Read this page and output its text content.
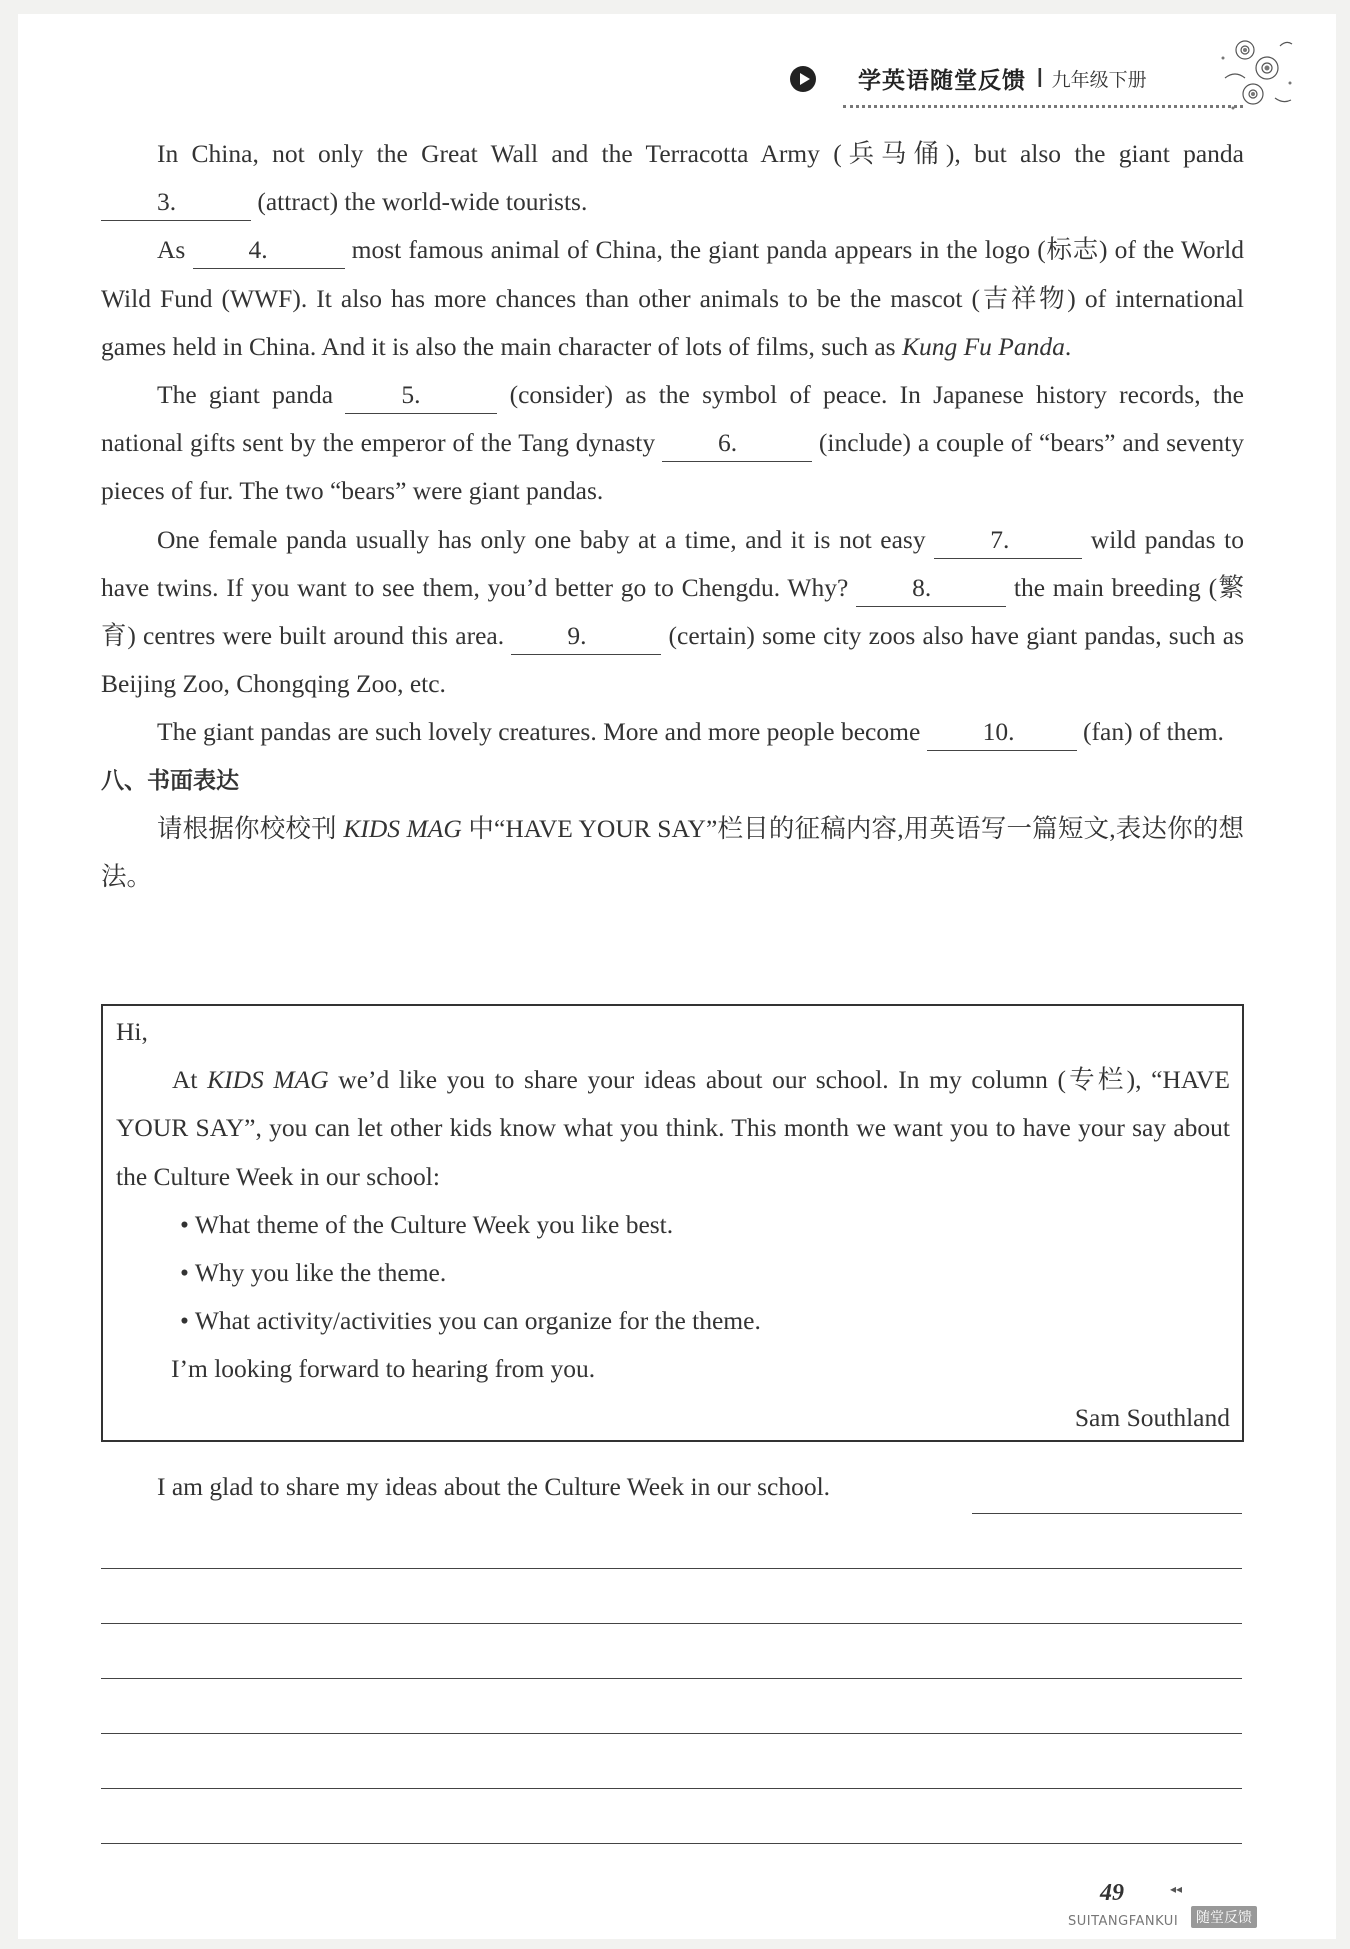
学英语随堂反馈 I 九年级下册

In China, not only the Great Wall and the Terracotta Army (兵马俑), but also the giant panda 3.	(attract) the world-wide tourists.

As 4.	most famous animal of China, the giant panda appears in the logo (标志) of the World Wild Fund (WWF). It also has more chances than other animals to be the mascot (吉祥物) of international games held in China. And it is also the main character of lots of films, such as Kung Fu Panda.

The giant panda 5.	(consider) as the symbol of peace. In Japanese history records, the national gifts sent by the emperor of the Tang dynasty 6.	(include) a couple of “bears” and seventy pieces of fur. The two “bears” were giant pandas.

One female panda usually has only one baby at a time, and it is not easy 7.	wild pandas to have twins. If you want to see them, you’d better go to Chengdu. Why? 8.	the main breeding (繁育) centres were built around this area. 9.	(certain) some city zoos also have giant pandas, such as Beijing Zoo, Chongqing Zoo, etc.

The giant pandas are such lovely creatures. More and more people become 10. (fan) of them.

八、书面表达

请根据你校校刊 KIDS MAG 中“HAVE YOUR SAY”栏目的征稿内容,用英语写一篇短文,表达你的想法。

Hi,

At KIDS MAG we’d like you to share your ideas about our school. In my column (专栏), “HAVE YOUR SAY”, you can let other kids know what you think. This month we want you to have your say about the Culture Week in our school:

• What theme of the Culture Week you like best.

• Why you like the theme.

• What activity/activities you can organize for the theme.

I’m looking forward to hearing from you.

Sam Southland

I am glad to share my ideas about the Culture Week in our school.
49	◂◂
SUITANGFANKUI	随堂反馈
